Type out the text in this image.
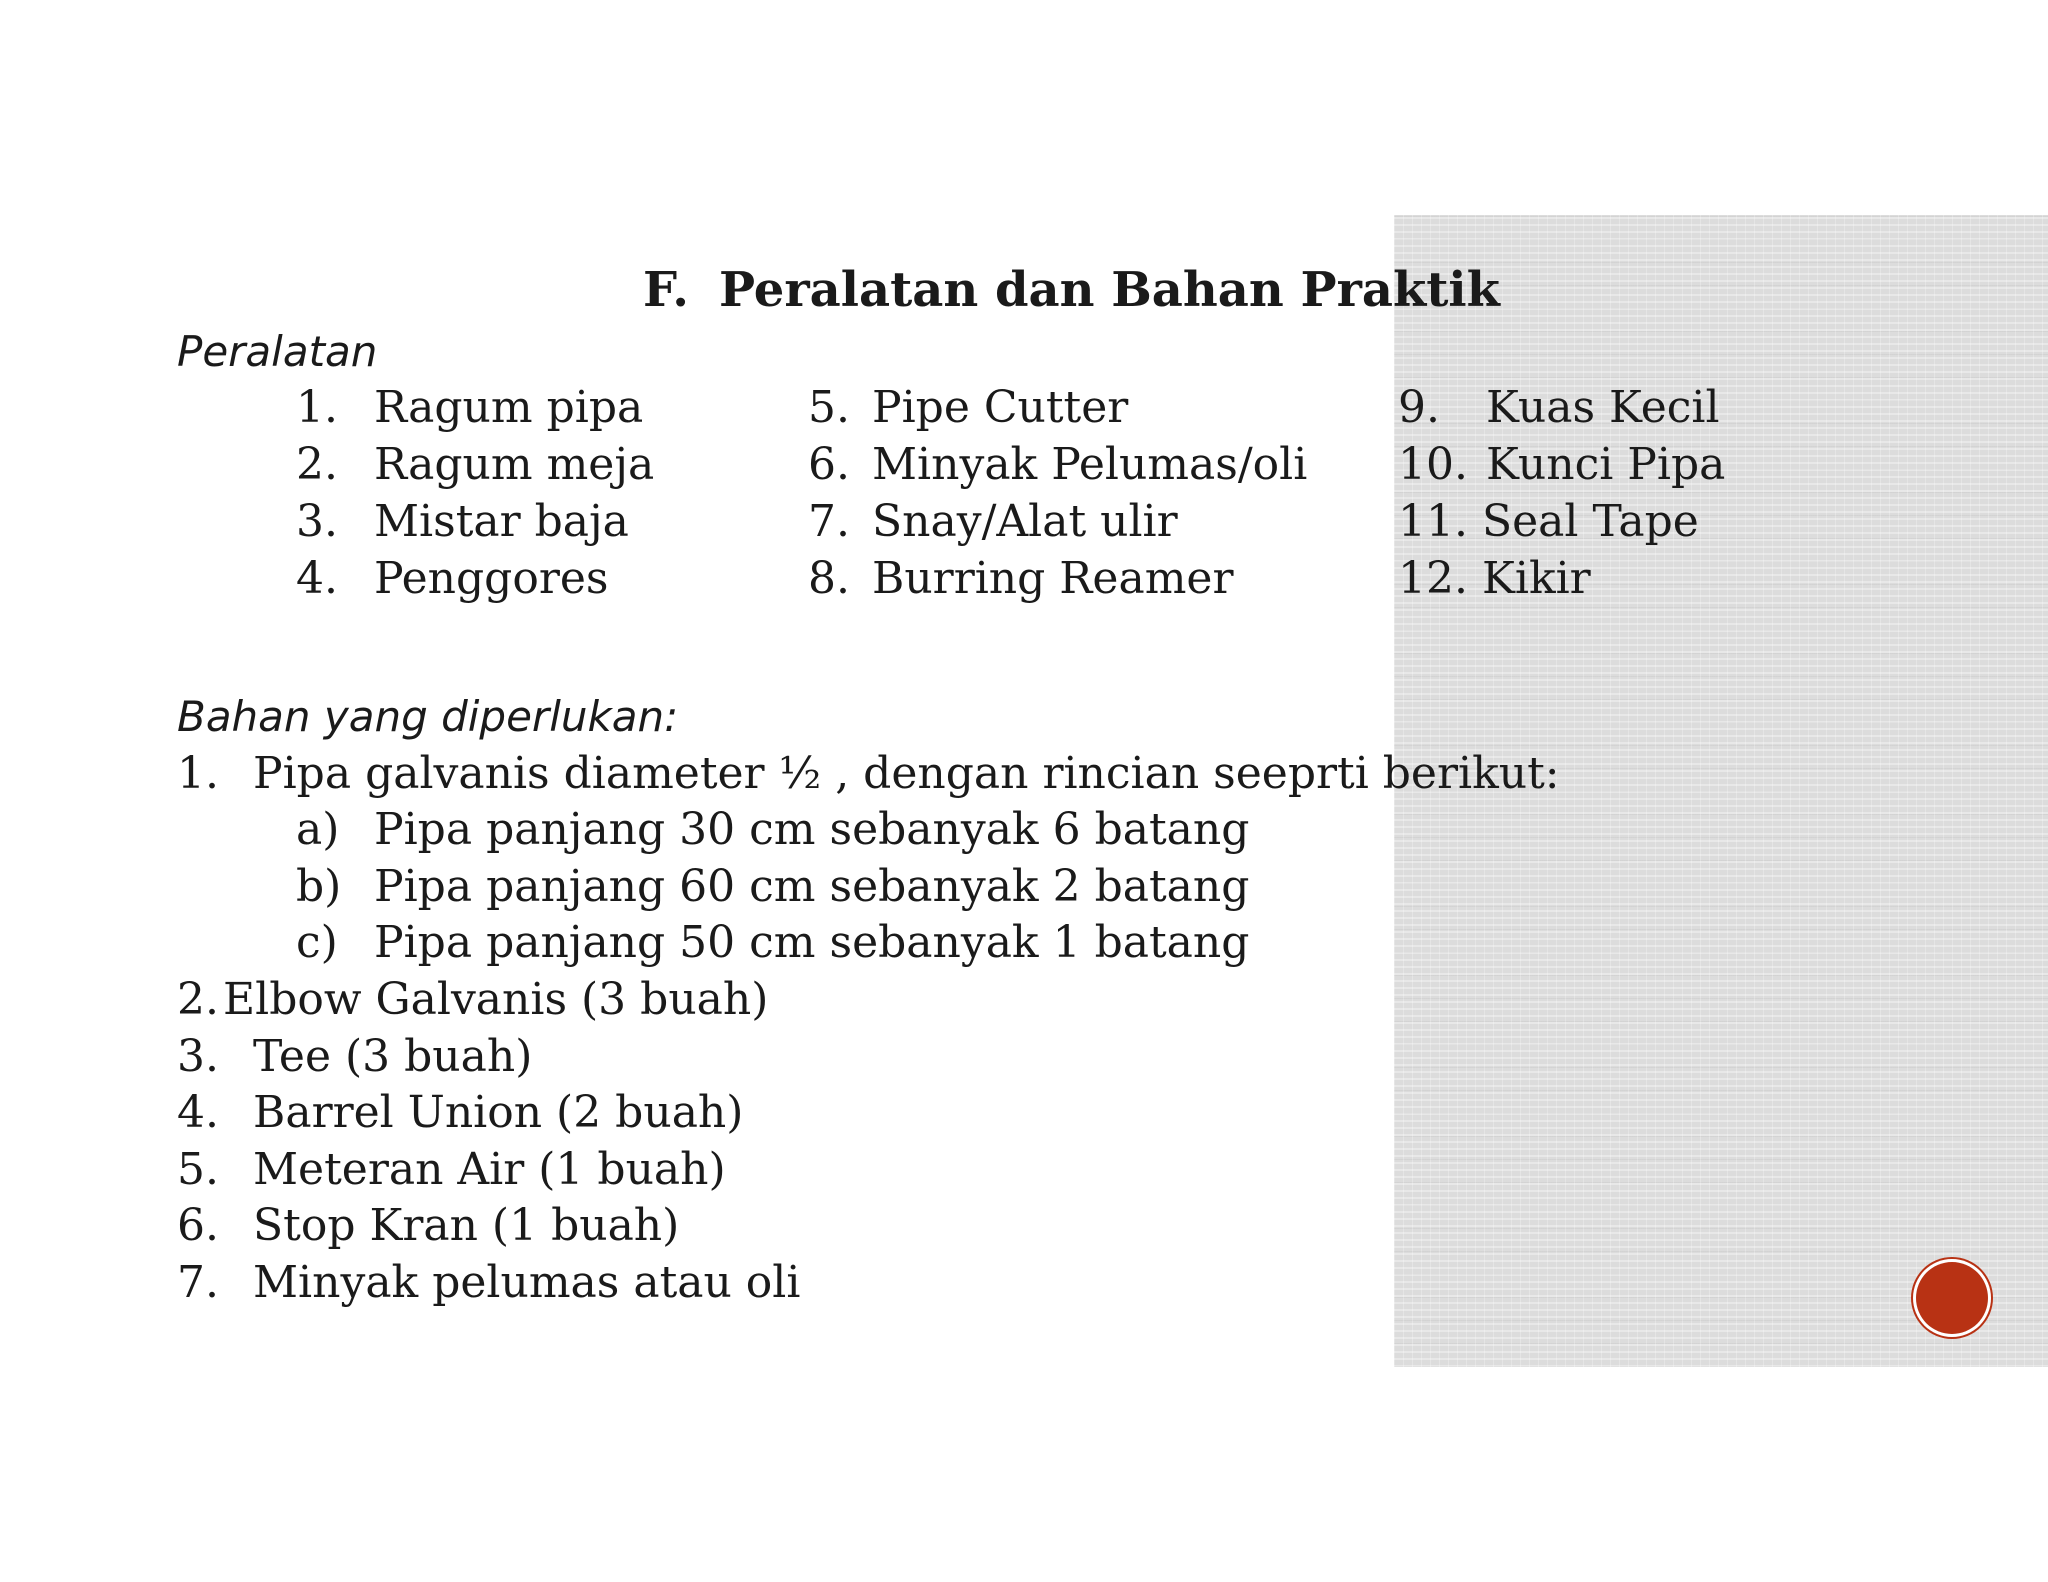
F. Peralatan dan Bahan Praktik
Peralatan
1. Ragum pipa
2. Ragum meja
3. Mistar baja
4. Penggores
5. Pipe Cutter
6. Minyak Pelumas/oli
7. Snay/Alat ulir
8. Burring Reamer
9. Kuas Kecil
10. Kunci Pipa
11. Seal Tape
12. Kikir
Bahan yang diperlukan:
1. Pipa galvanis diameter ½ , dengan rincian seeprti berikut:
a) Pipa panjang 30 cm sebanyak 6 batang
b) Pipa panjang 60 cm sebanyak 2 batang
c) Pipa panjang 50 cm sebanyak 1 batang
2.Elbow Galvanis (3 buah)
3. Tee (3 buah)
4. Barrel Union (2 buah)
5. Meteran Air (1 buah)
6. Stop Kran (1 buah)
7. Minyak pelumas atau oli
